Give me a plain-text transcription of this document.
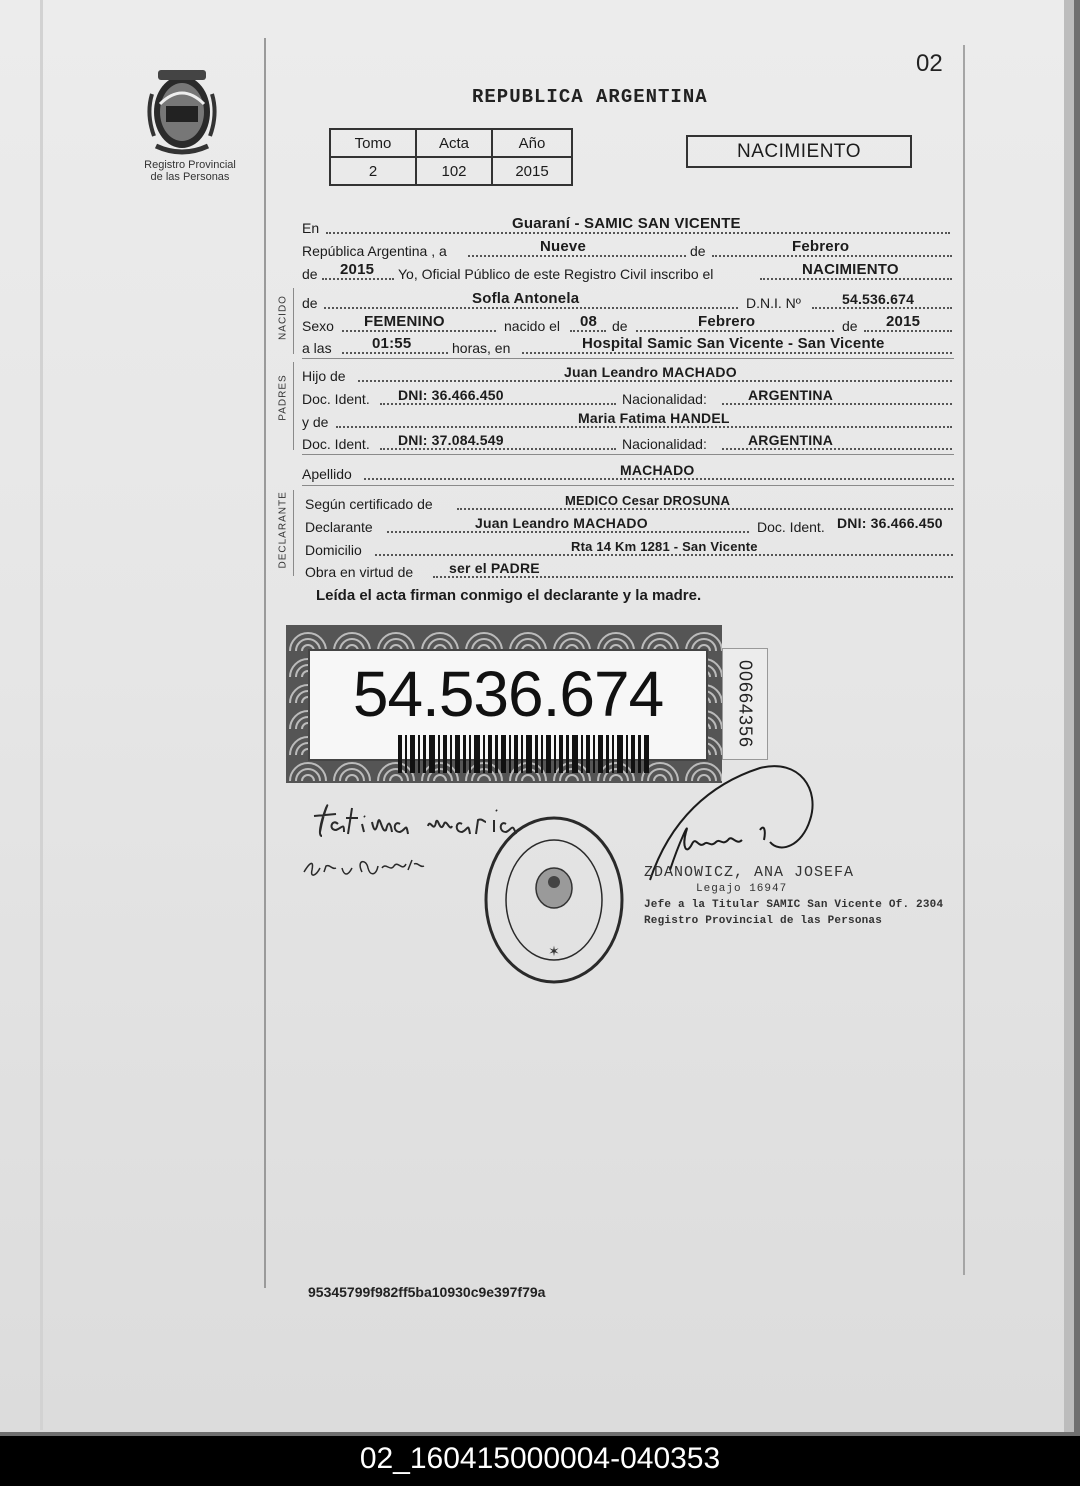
02
Registro Provincial
de las Personas
REPUBLICA ARGENTINA
Tomo	Acta	Año
2	102	2015
NACIMIENTO
En	Guaraní - SAMIC SAN VICENTE
República Argentina , a	Nueve	de	Febrero
de 2015 Yo, Oficial Público de este Registro Civil inscribo el	NACIMIENTO
NACIDO de	Sofla Antonela	D.N.I. Nº	54.536.674
Sexo FEMENINO	nacido el 08 de	Febrero	de 2015
a las	01:55	horas, en	Hospital Samic San Vicente - San Vicente
PADRES Hijo de	Juan Leandro MACHADO
Doc. Ident. DNI: 36.466.450	Nacionalidad:	ARGENTINA
y de	Maria Fatima HANDEL
Doc. Ident. DNI: 37.084.549	Nacionalidad:	ARGENTINA
Apellido	MACHADO
DECLARANTE Según certificado de	MEDICO Cesar DROSUNA
Declarante	Juan Leandro MACHADO	Doc. Ident. DNI: 36.466.450
Domicilio	Rta 14 Km 1281 - San Vicente
Obra en virtud de	ser el PADRE
Leída el acta firman conmigo el declarante y la madre.
54.536.674	00664356
✶
ZDANOWICZ, ANA JOSEFA
Legajo 16947
Jefe a la Titular SAMIC San Vicente Of. 2304
Registro Provincial de las Personas
95345799f982ff5ba10930c9e397f79a
02_160415000004-040353
